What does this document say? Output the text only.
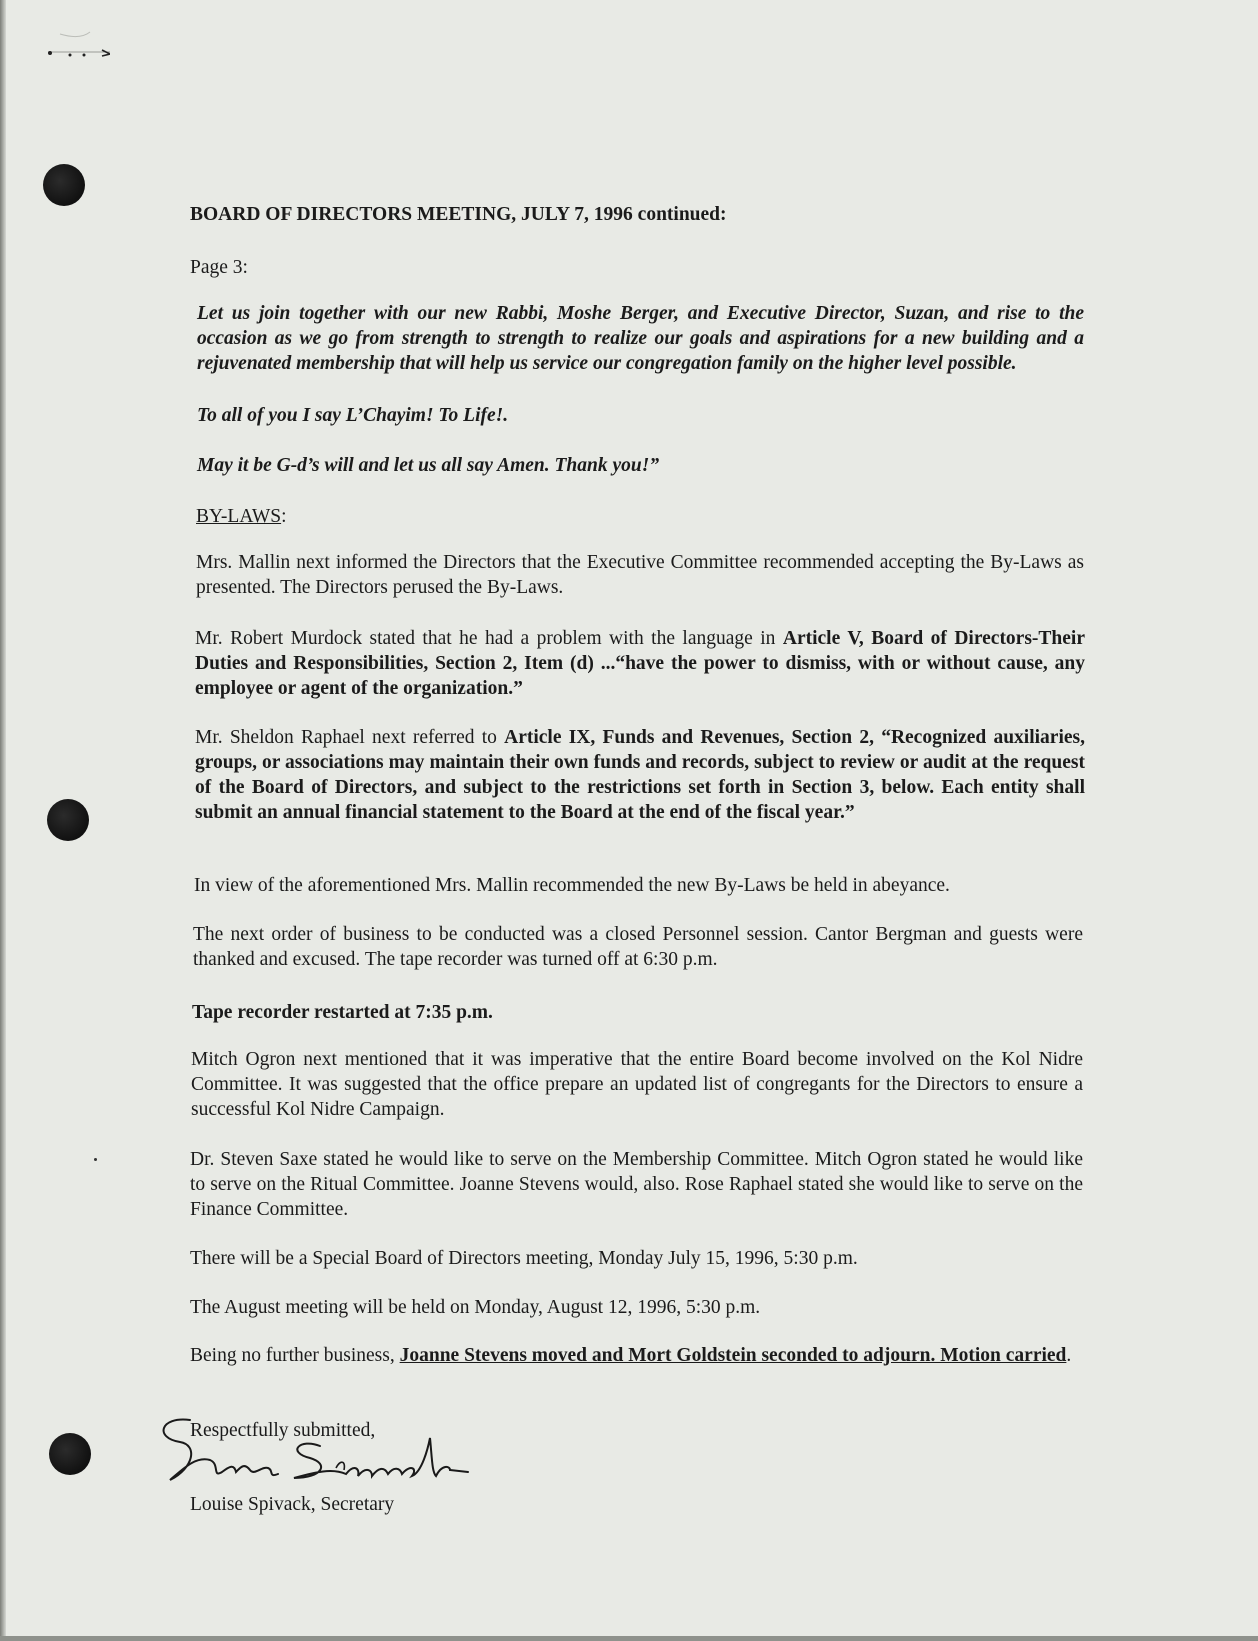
BOARD OF DIRECTORS MEETING, JULY 7, 1996 continued:

Page 3:

Let us join together with our new Rabbi, Moshe Berger, and Executive Director, Suzan, and rise to the occasion as we go from strength to strength to realize our goals and aspirations for a new building and a rejuvenated membership that will help us service our congregation family on the higher level possible.

To all of you I say L’Chayim! To Life!.

May it be G-d’s will and let us all say Amen. Thank you!”

BY-LAWS:

Mrs. Mallin next informed the Directors that the Executive Committee recommended accepting the By-Laws as presented. The Directors perused the By-Laws.

Mr. Robert Murdock stated that he had a problem with the language in Article V, Board of Directors-Their Duties and Responsibilities, Section 2, Item (d) ...“have the power to dismiss, with or without cause, any employee or agent of the organization.”

Mr. Sheldon Raphael next referred to Article IX, Funds and Revenues, Section 2, “Recognized auxiliaries, groups, or associations may maintain their own funds and records, subject to review or audit at the request of the Board of Directors, and subject to the restrictions set forth in Section 3, below. Each entity shall submit an annual financial statement to the Board at the end of the fiscal year.”

In view of the aforementioned Mrs. Mallin recommended the new By-Laws be held in abeyance.

The next order of business to be conducted was a closed Personnel session. Cantor Bergman and guests were thanked and excused. The tape recorder was turned off at 6:30 p.m.

Tape recorder restarted at 7:35 p.m.

Mitch Ogron next mentioned that it was imperative that the entire Board become involved on the Kol Nidre Committee. It was suggested that the office prepare an updated list of congregants for the Directors to ensure a successful Kol Nidre Campaign.

Dr. Steven Saxe stated he would like to serve on the Membership Committee. Mitch Ogron stated he would like to serve on the Ritual Committee. Joanne Stevens would, also. Rose Raphael stated she would like to serve on the Finance Committee.

There will be a Special Board of Directors meeting, Monday July 15, 1996, 5:30 p.m.

The August meeting will be held on Monday, August 12, 1996, 5:30 p.m.

Being no further business, Joanne Stevens moved and Mort Goldstein seconded to adjourn. Motion carried.

Respectfully submitted,

Louise Spivack, Secretary
